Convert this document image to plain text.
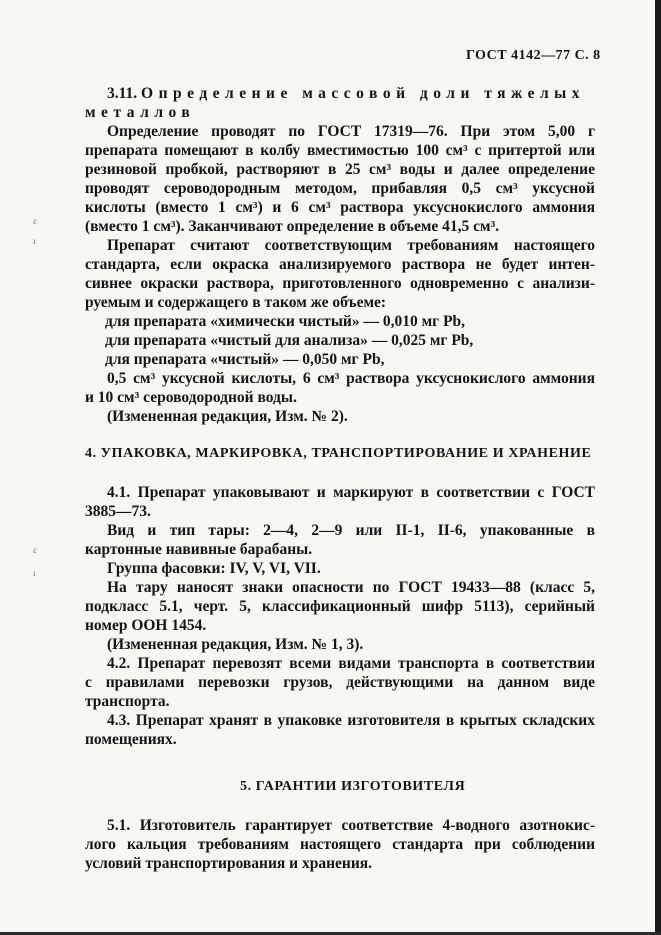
ε
ı
ε
ı
ГОСТ 4142—77 С. 8
3.11. Определение массовой доли тяжелых
металлов
Определение проводят по ГОСТ 17319—76. При этом 5,00 г
препарата помещают в колбу вместимостью 100 см³ с притертой или
резиновой пробкой, растворяют в 25 см³ воды и далее определение
проводят сероводородным методом, прибавляя 0,5 см³ уксусной
кислоты (вместо 1 см³) и 6 см³ раствора уксуснокислого аммония
(вместо 1 см³). Заканчивают определение в объеме 41,5 см³.
Препарат считают соответствующим требованиям настоящего
стандарта, если окраска анализируемого раствора не будет интен-
сивнее окраски раствора, приготовленного одновременно с анализи-
руемым и содержащего в таком же объеме:
для препарата «химически чистый» — 0,010 мг Pb,
для препарата «чистый для анализа» — 0,025 мг Pb,
для препарата «чистый» — 0,050 мг Pb,
0,5 см³ уксусной кислоты, 6 см³ раствора уксуснокислого аммония
и 10 см³ сероводородной воды.
(Измененная редакция, Изм. № 2).
4. УПАКОВКА, МАРКИРОВКА, ТРАНСПОРТИРОВАНИЕ И ХРАНЕНИЕ
4.1. Препарат упаковывают и маркируют в соответствии с ГОСТ
3885—73.
Вид и тип тары: 2—4, 2—9 или II-1, II-6, упакованные в
картонные навивные барабаны.
Группа фасовки: IV, V, VI, VII.
На тару наносят знаки опасности по ГОСТ 19433—88 (класс 5,
подкласс 5.1, черт. 5, классификационный шифр 5113), серийный
номер ООН 1454.
(Измененная редакция, Изм. № 1, 3).
4.2. Препарат перевозят всеми видами транспорта в соответствии
с правилами перевозки грузов, действующими на данном виде
транспорта.
4.3. Препарат хранят в упаковке изготовителя в крытых складских
помещениях.
5. ГАРАНТИИ ИЗГОТОВИТЕЛЯ
5.1. Изготовитель гарантирует соответствие 4-водного азотнокис-
лого кальция требованиям настоящего стандарта при соблюдении
условий транспортирования и хранения.
